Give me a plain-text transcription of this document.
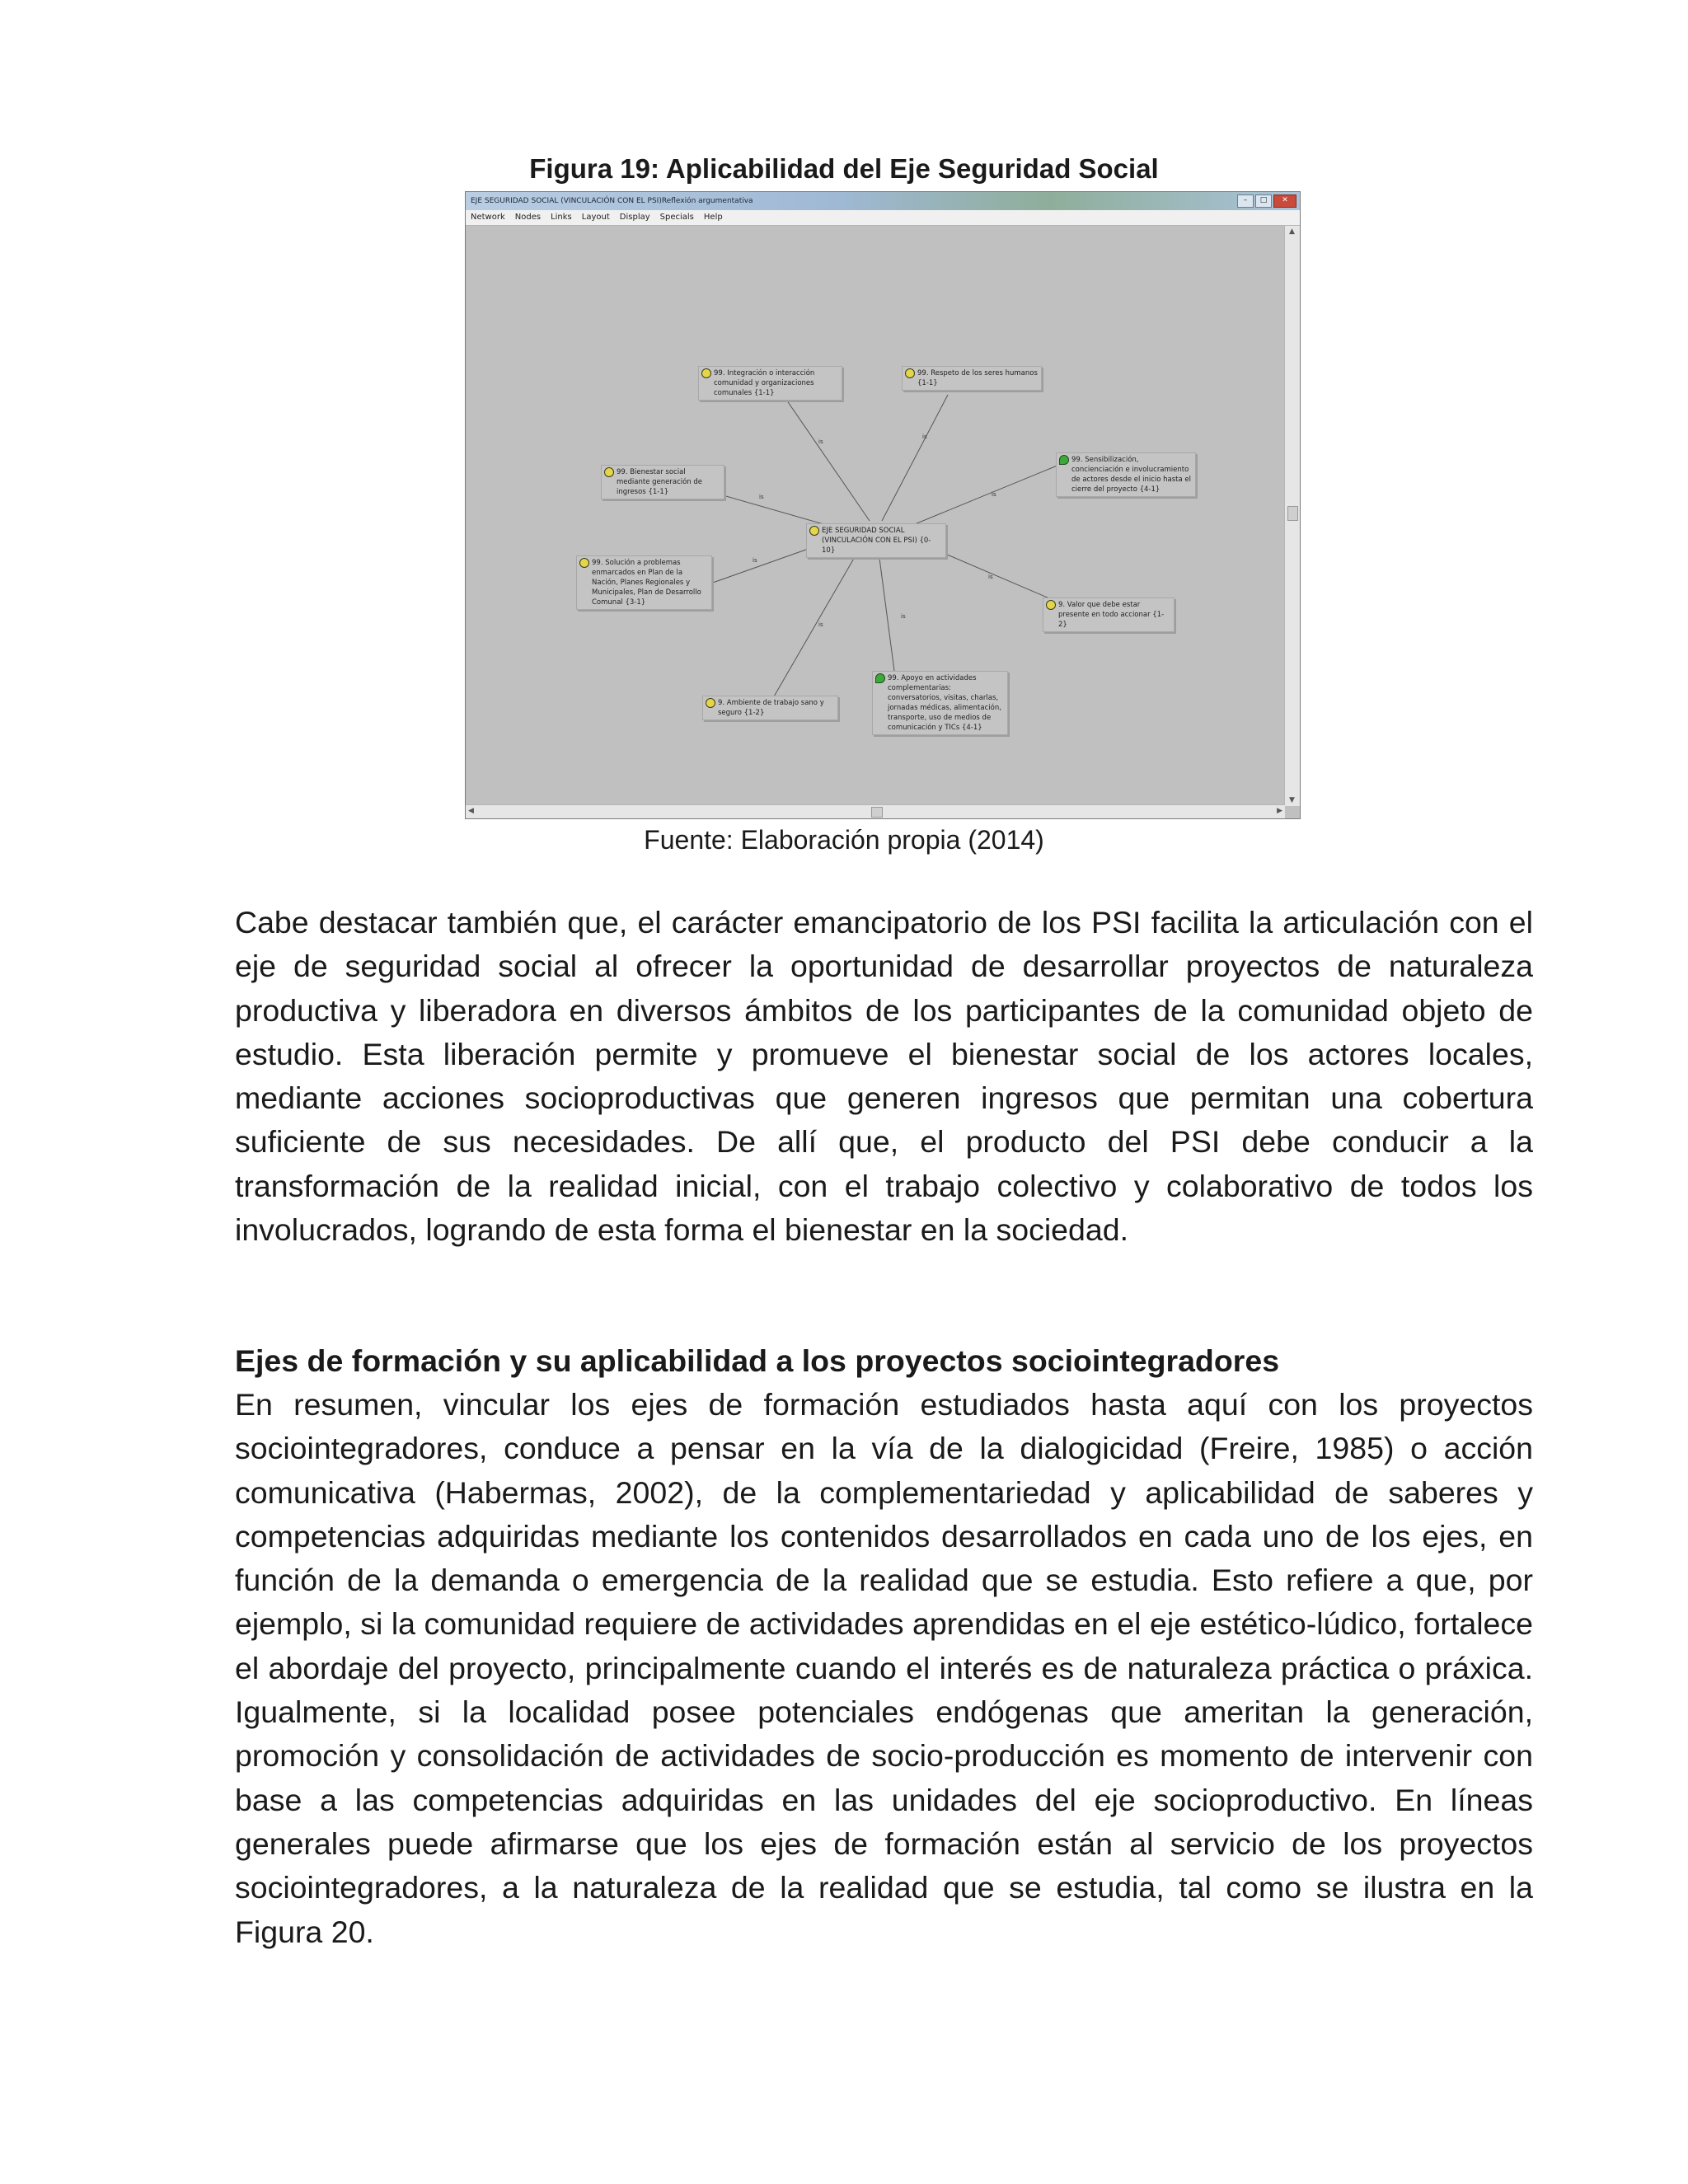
Figura 19: Aplicabilidad del Eje Seguridad Social
EJE SEGURIDAD SOCIAL (VINCULACIÓN CON EL PSI)Reflexión argumentativa	–	□	✕
Network Nodes Links Layout Display Specials Help
is
is
is
is
is
is
is
is
EJE SEGURIDAD SOCIAL (VINCULACIÓN CON EL PSI) {0-10}
99. Integración o interacción comunidad y organizaciones comunales {1-1}
99. Respeto de los seres humanos {1-1}
99. Sensibilización, concienciación e involucramiento de actores desde el inicio hasta el cierre del proyecto {4-1}
99. Bienestar social mediante generación de ingresos {1-1}
99. Solución a problemas enmarcados en Plan de la Nación, Planes Regionales y Municipales, Plan de Desarrollo Comunal {3-1}	9. Valor que debe estar presente en todo accionar {1-2}
9. Ambiente de trabajo sano y seguro {1-2}
99. Apoyo en actividades complementarias: conversatorios, visitas, charlas, jornadas médicas, alimentación, transporte, uso de medios de comunicación y TICs {4-1}
▲
▼
◀	▶
Fuente: Elaboración propia (2014)

Cabe destacar también que, el carácter emancipatorio de los PSI facilita la articulación con el eje de seguridad social al ofrecer la oportunidad de desarrollar proyectos de naturaleza productiva y liberadora en diversos ámbitos de los participantes de la comunidad objeto de estudio. Esta liberación permite y promueve el bienestar social de los actores locales, mediante acciones socioproductivas que generen ingresos que permitan una cobertura suficiente de sus necesidades. De allí que, el producto del PSI debe conducir a la transformación de la realidad inicial, con el trabajo colectivo y colaborativo de todos los involucrados, logrando de esta forma el bienestar en la sociedad.

Ejes de formación y su aplicabilidad a los proyectos sociointegradores

En resumen, vincular los ejes de formación estudiados hasta aquí con los proyectos sociointegradores, conduce a pensar en la vía de la dialogicidad (Freire, 1985) o acción comunicativa (Habermas, 2002), de la complementariedad y aplicabilidad de saberes y competencias adquiridas mediante los contenidos desarrollados en cada uno de los ejes, en función de la demanda o emergencia de la realidad que se estudia. Esto refiere a que, por ejemplo, si la comunidad requiere de actividades aprendidas en el eje estético-lúdico, fortalece el abordaje del proyecto, principalmente cuando el interés es de naturaleza práctica o práxica. Igualmente, si la localidad posee potenciales endógenas que ameritan la generación, promoción y consolidación de actividades de socio-producción es momento de intervenir con base a las competencias adquiridas en las unidades del eje socioproductivo. En líneas generales puede afirmarse que los ejes de formación están al servicio de los proyectos sociointegradores, a la naturaleza de la realidad que se estudia, tal como se ilustra en la Figura 20.
